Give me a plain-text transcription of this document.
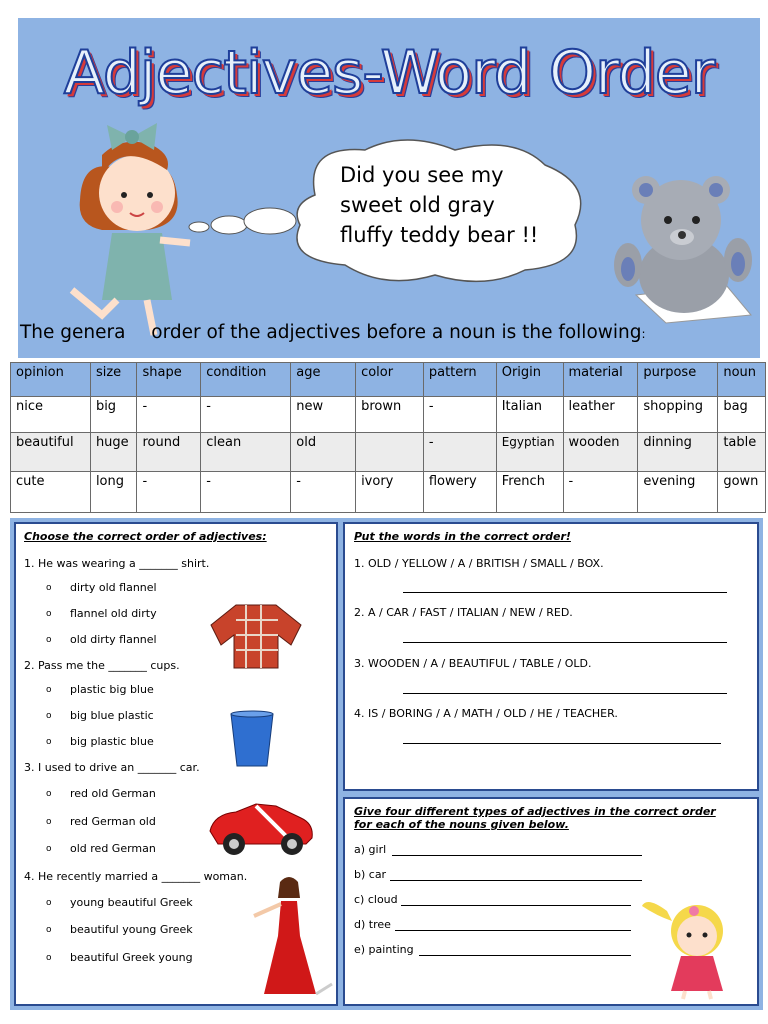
Adjectives-Word Order
Did you see my sweet old gray fluffy teddy bear !!
The genera order of the adjectives before a noun is the following:
opinion	size	shape	condition	age	color	pattern	Origin	material	purpose	noun
nice	big	-	-	new	brown	-	Italian	leather	shopping	bag
beautiful	huge	round	clean	old		-	Egyptian	wooden	dinning	table
cute	long	-	-	-	ivory	flowery	French	-	evening	gown
Choose the correct order of adjectives:
1. He was wearing a _______ shirt.
o dirty old flannel
o flannel old dirty
o old dirty flannel
2. Pass me the _______ cups.
o plastic big blue
o big blue plastic
o big plastic blue
3. I used to drive an _______ car.
o red old German
o red German old
o old red German
4. He recently married a _______ woman.
o young beautiful Greek
o beautiful young Greek
o beautiful Greek young
Put the words in the correct order!
1. OLD / YELLOW / A / BRITISH / SMALL / BOX.
2. A / CAR / FAST / ITALIAN / NEW / RED.
3. WOODEN / A / BEAUTIFUL / TABLE / OLD.
4. IS / BORING / A / MATH / OLD / HE / TEACHER.
Give four different types of adjectives in the correct order
for each of the nouns given below.
a) girl
b) car
c) cloud
d) tree
e) painting
